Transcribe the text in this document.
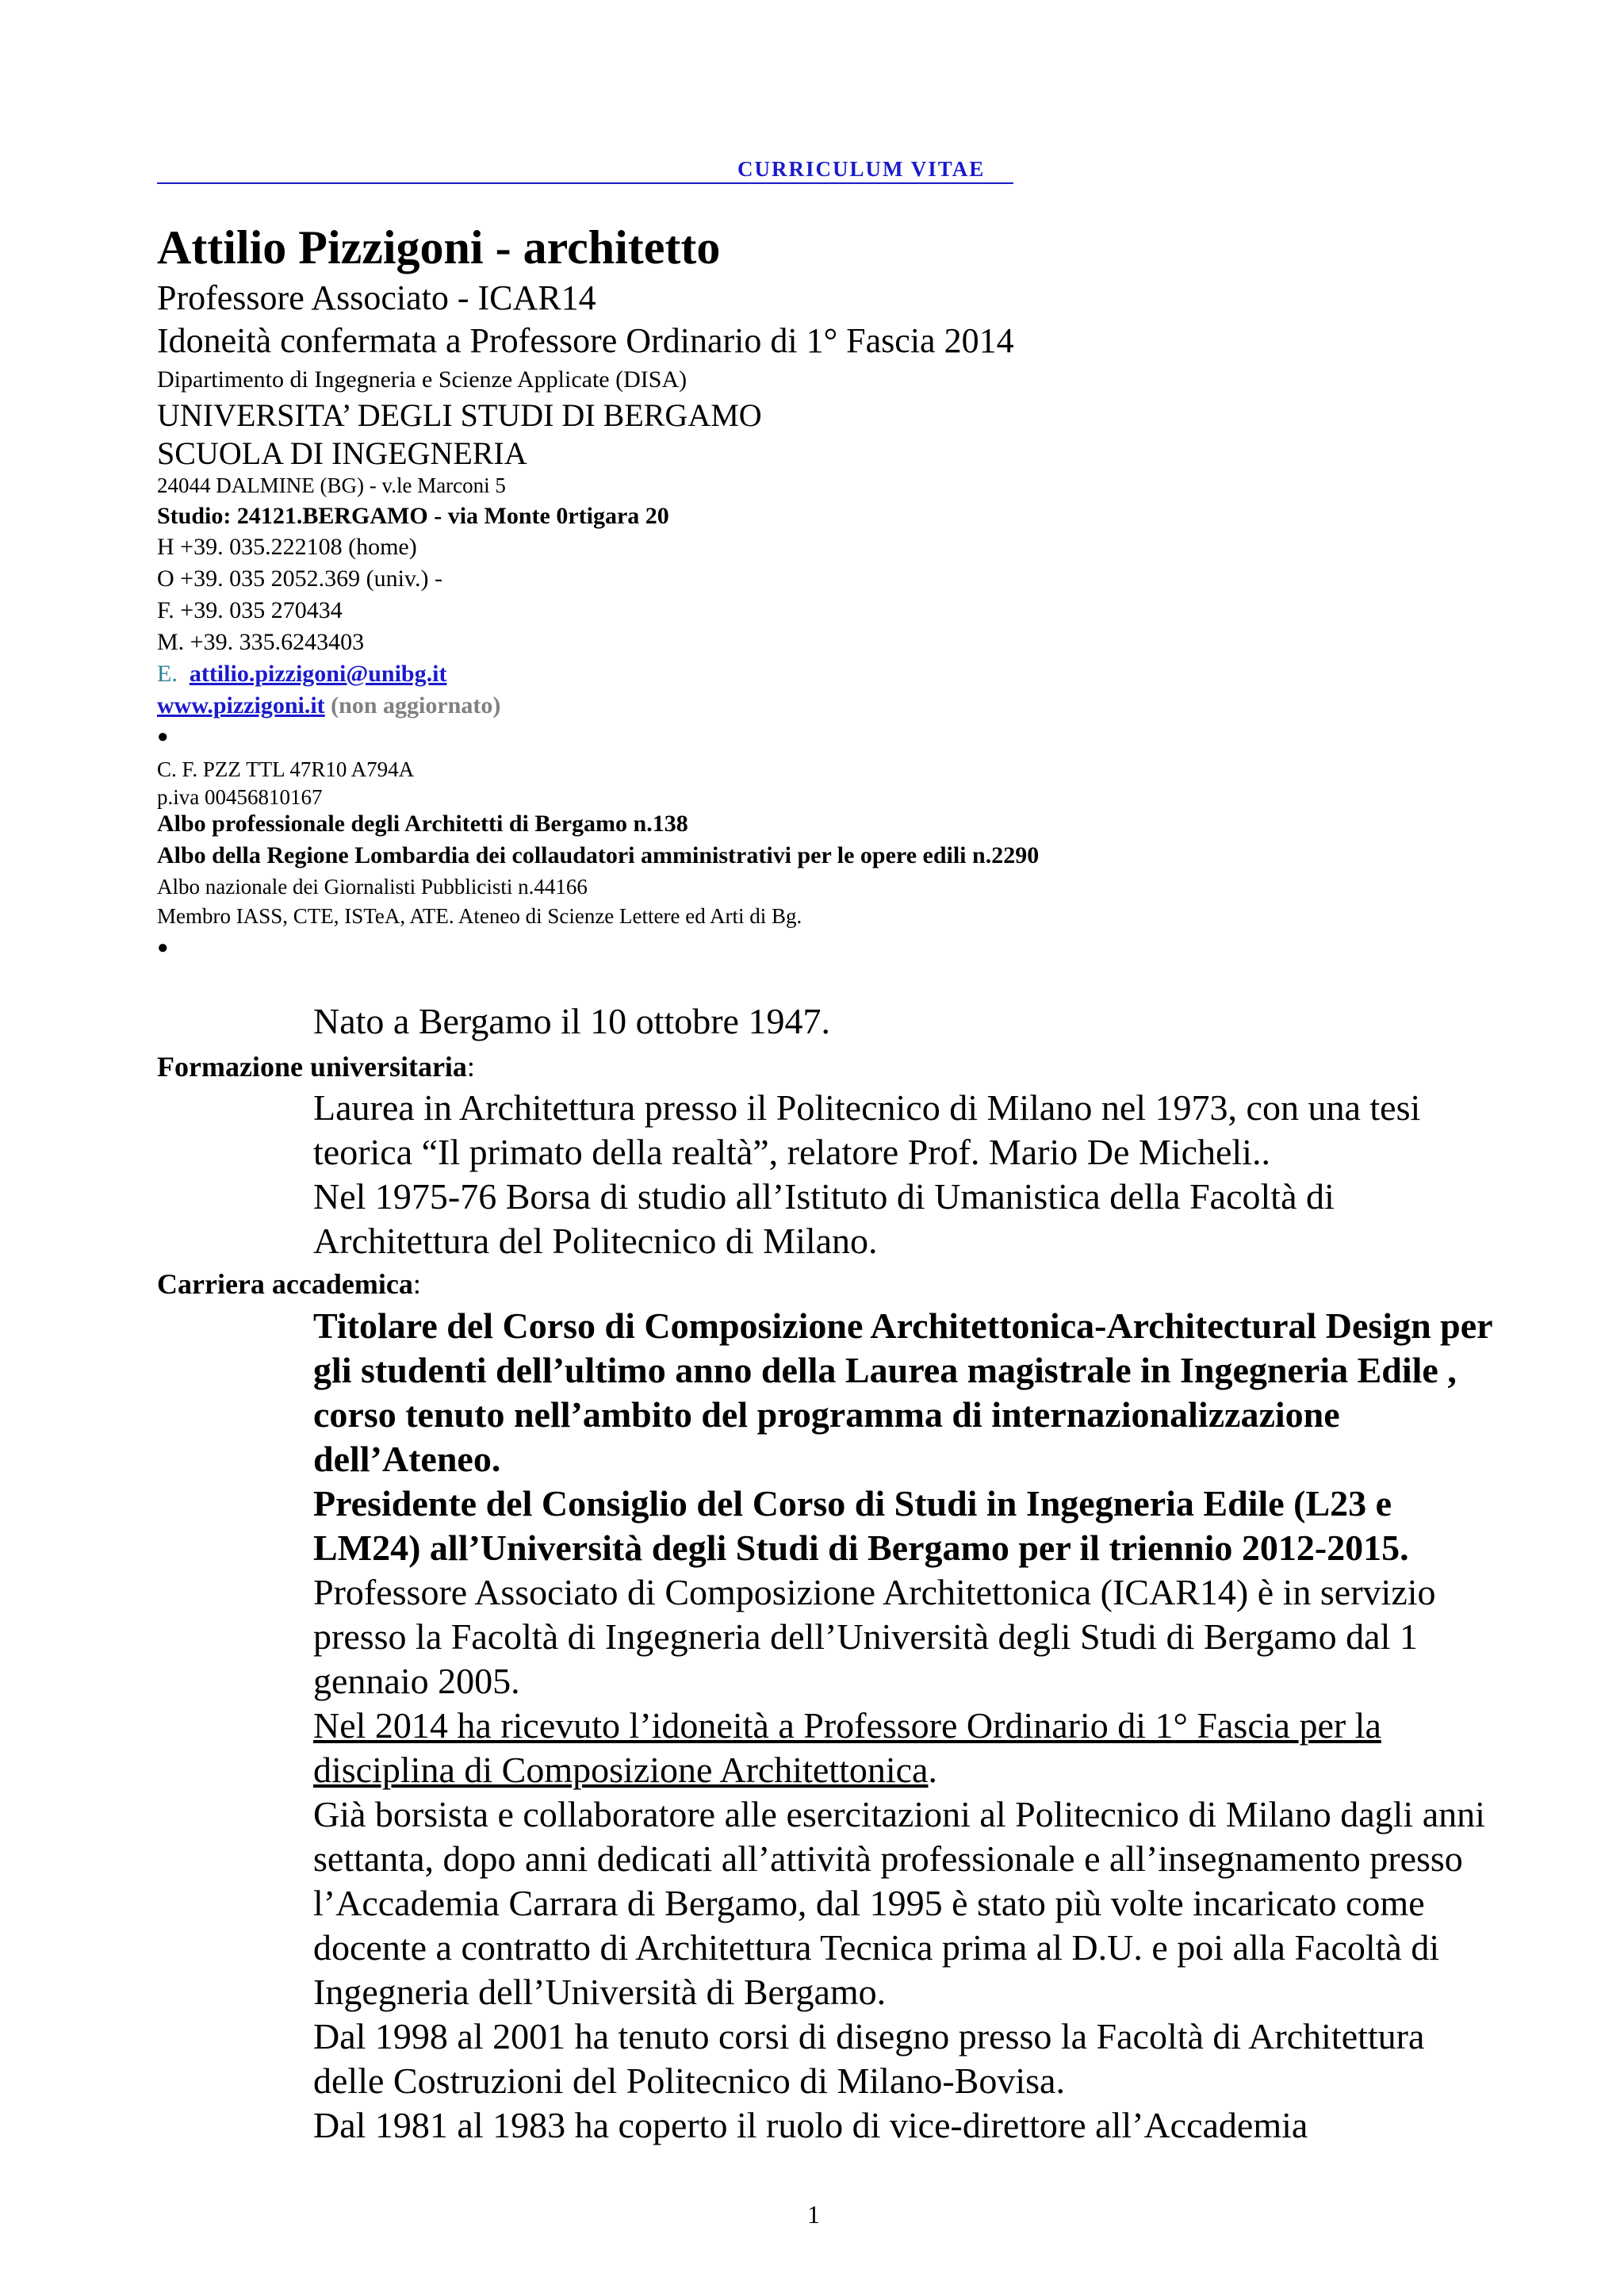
CURRICULUM VITAE
Attilio Pizzigoni - architetto
Professore Associato - ICAR14
Idoneità confermata a Professore Ordinario di 1° Fascia 2014
Dipartimento di Ingegneria e Scienze Applicate (DISA)
UNIVERSITA’ DEGLI STUDI DI BERGAMO
SCUOLA DI INGEGNERIA
24044 DALMINE (BG) - v.le Marconi 5
Studio: 24121.BERGAMO - via Monte 0rtigara 20
H +39. 035.222108 (home)
O +39. 035 2052.369 (univ.) -
F. +39. 035 270434
M. +39. 335.6243403
E. attilio.pizzigoni@unibg.it
www.pizzigoni.it (non aggiornato)
●
C. F. PZZ TTL 47R10 A794A
p.iva 00456810167
Albo professionale degli Architetti di Bergamo n.138
Albo della Regione Lombardia dei collaudatori amministrativi per le opere edili n.2290
Albo nazionale dei Giornalisti Pubblicisti n.44166
Membro IASS, CTE, ISTeA, ATE. Ateneo di Scienze Lettere ed Arti di Bg.
●
Nato a Bergamo il 10 ottobre 1947.
Formazione universitaria:

Laurea in Architettura presso il Politecnico di Milano nel 1973, con una tesi teorica “Il primato della realtà”, relatore Prof. Mario De Micheli..

Nel 1975-76 Borsa di studio all’Istituto di Umanistica della Facoltà di Architettura del Politecnico di Milano.

Carriera accademica:

Titolare del Corso di Composizione Architettonica-Architectural Design per gli studenti dell’ultimo anno della Laurea magistrale in Ingegneria Edile , corso tenuto nell’ambito del programma di internazionalizzazione dell’Ateneo.

Presidente del Consiglio del Corso di Studi in Ingegneria Edile (L23 e LM24) all’Università degli Studi di Bergamo per il triennio 2012-2015.

Professore Associato di Composizione Architettonica (ICAR14) è in servizio presso la Facoltà di Ingegneria dell’Università degli Studi di Bergamo dal 1 gennaio 2005.

Nel 2014 ha ricevuto l’idoneità a Professore Ordinario di 1° Fascia per la disciplina di Composizione Architettonica.

Già borsista e collaboratore alle esercitazioni al Politecnico di Milano dagli anni settanta, dopo anni dedicati all’attività professionale e all’insegnamento presso l’Accademia Carrara di Bergamo, dal 1995 è stato più volte incaricato come docente a contratto di Architettura Tecnica prima al D.U. e poi alla Facoltà di Ingegneria dell’Università di Bergamo.

Dal 1998 al 2001 ha tenuto corsi di disegno presso la Facoltà di Architettura delle Costruzioni del Politecnico di Milano-Bovisa.

Dal 1981 al 1983 ha coperto il ruolo di vice-direttore all’Accademia

1
